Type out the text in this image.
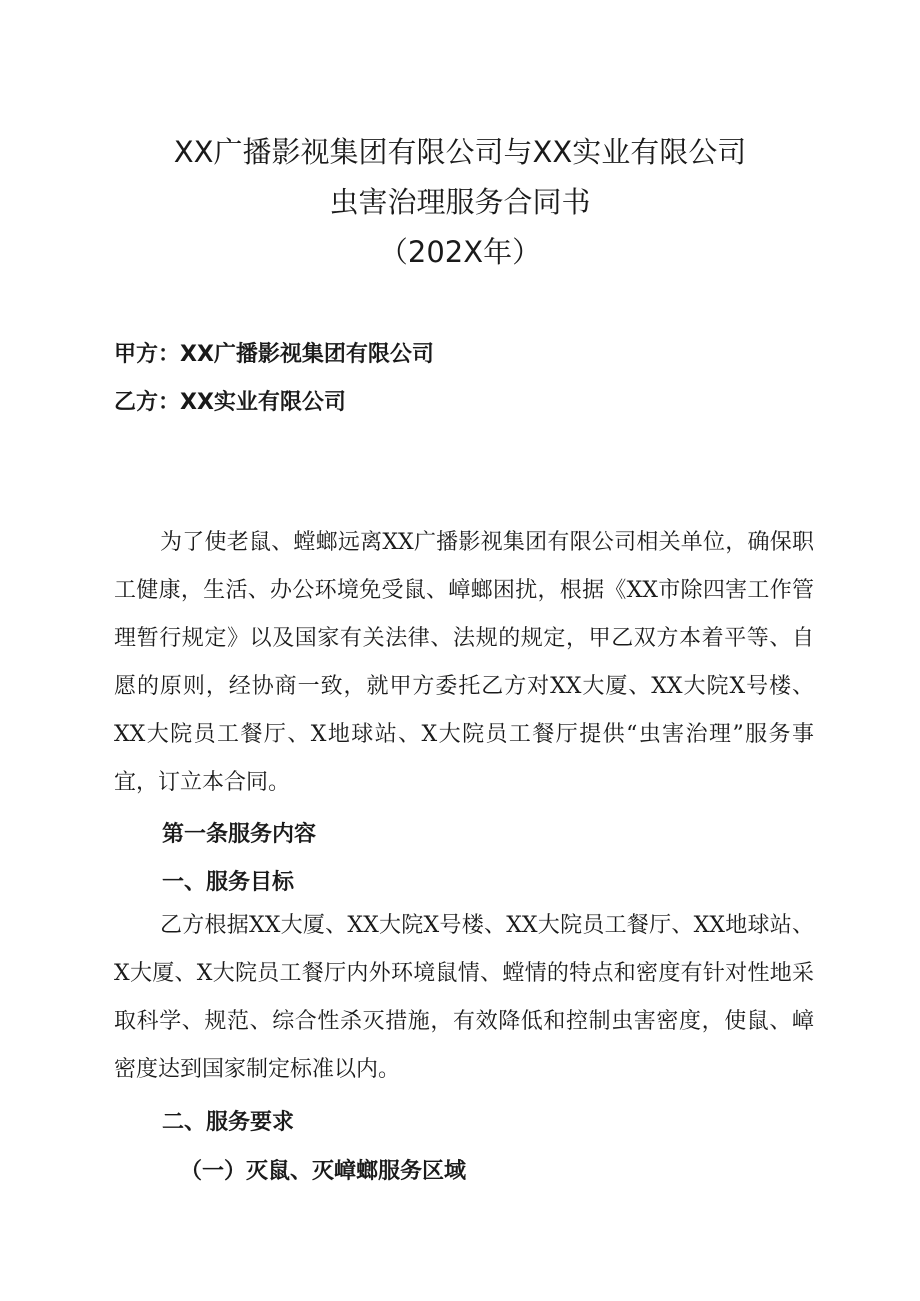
XX广播影视集团有限公司与XX实业有限公司
虫害治理服务合同书
（202X年）
甲方：XX广播影视集团有限公司
乙方：XX实业有限公司

为了使老鼠、螳螂远离XX广播影视集团有限公司相关单位，确保职工健康，生活、办公环境免受鼠、嶂螂困扰，根据《XX市除四害工作管理暂行规定》以及国家有关法律、法规的规定，甲乙双方本着平等、自愿的原则，经协商一致，就甲方委托乙方对XX大厦、XX大院X号楼、XX大院员工餐厅、X地球站、X大院员工餐厅提供“虫害治理”服务事宜，订立本合同。

第一条服务内容
一、服务目标

乙方根据XX大厦、XX大院X号楼、XX大院员工餐厅、XX地球站、X大厦、X大院员工餐厅内外环境鼠情、螳情的特点和密度有针对性地采取科学、规范、综合性杀灭措施，有效降低和控制虫害密度，使鼠、嶂密度达到国家制定标准以内。

二、服务要求
（一）灭鼠、灭嶂螂服务区域
